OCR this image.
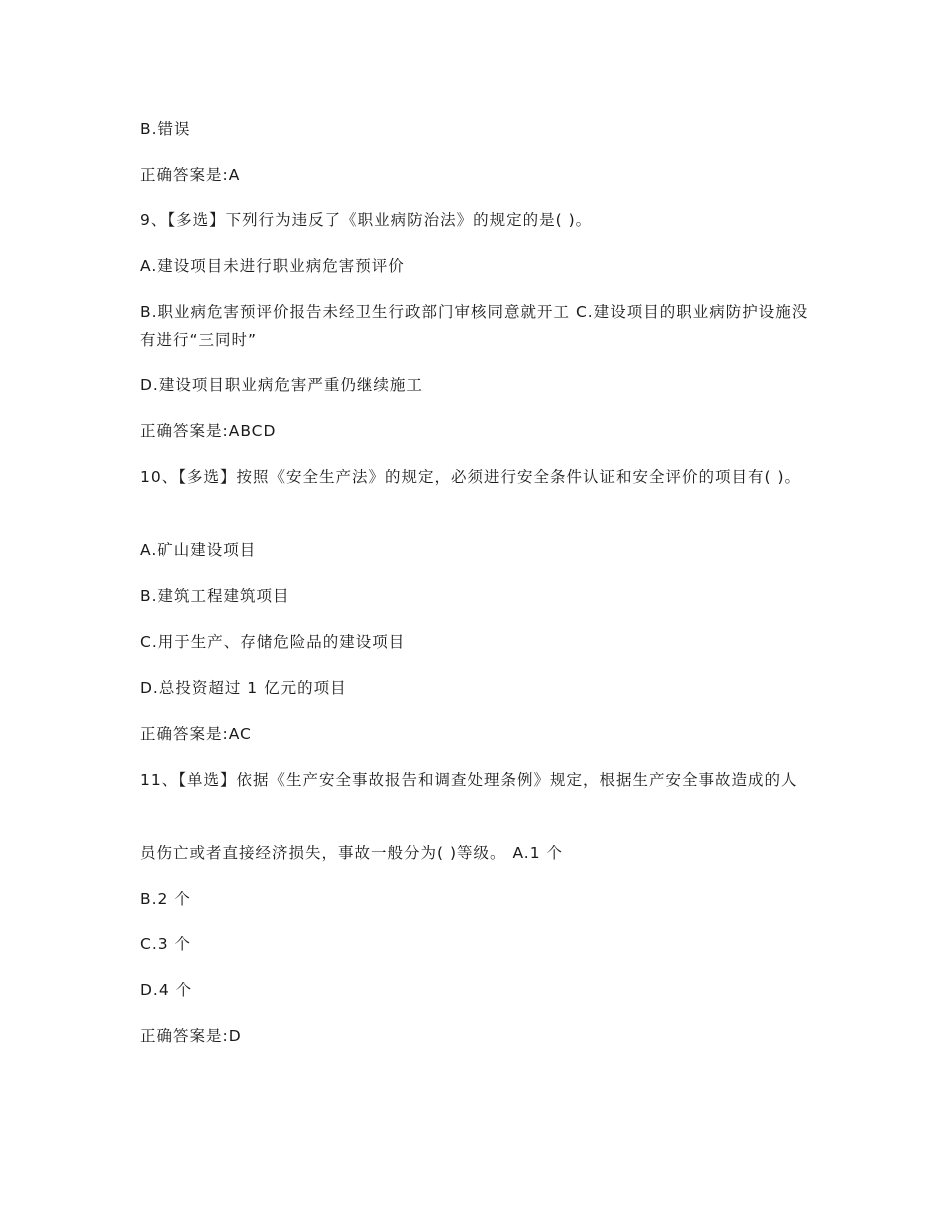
B.错误

正确答案是:A

9、【多选】下列行为违反了《职业病防治法》的规定的是( )。

A.建设项目未进行职业病危害预评价

B.职业病危害预评价报告未经卫生行政部门审核同意就开工 C.建设项目的职业病防护设施没有进行“三同时”

D.建设项目职业病危害严重仍继续施工

正确答案是:ABCD

10、【多选】按照《安全生产法》的规定，必须进行安全条件认证和安全评价的项目有( )。

A.矿山建设项目

B.建筑工程建筑项目

C.用于生产、存储危险品的建设项目

D.总投资超过 1 亿元的项目

正确答案是:AC

11、【单选】依据《生产安全事故报告和调查处理条例》规定，根据生产安全事故造成的人

员伤亡或者直接经济损失，事故一般分为( )等级。 A.1 个

B.2 个

C.3 个

D.4 个

正确答案是:D
